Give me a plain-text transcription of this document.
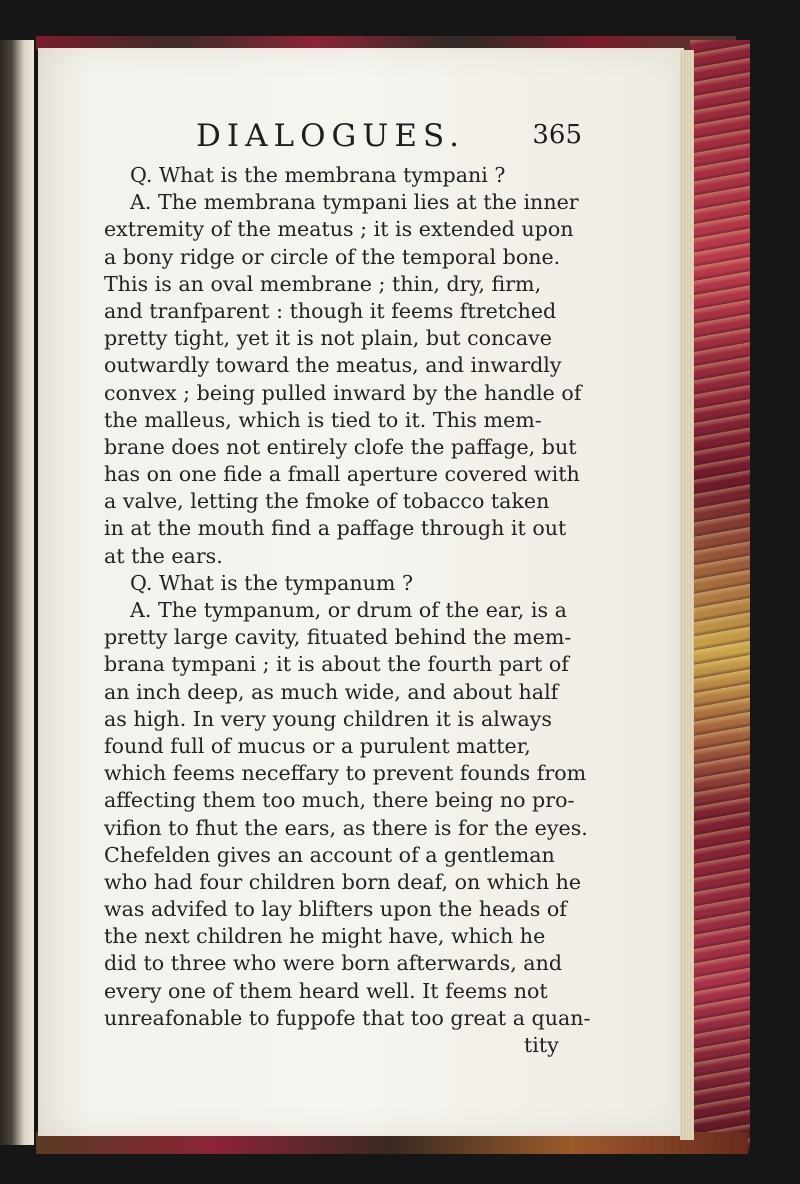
DIALOGUES.	365
Q. What is the membrana tympani ?
A. The membrana tympani lies at the inner
extremity of the meatus ; it is extended upon
a bony ridge or circle of the temporal bone.
This is an oval membrane ; thin, dry, firm,
and tranfparent : though it feems ftretched
pretty tight, yet it is not plain, but concave
outwardly toward the meatus, and inwardly
convex ; being pulled inward by the handle of
the malleus, which is tied to it. This mem-
brane does not entirely clofe the paffage, but
has on one fide a fmall aperture covered with
a valve, letting the fmoke of tobacco taken
in at the mouth find a paffage through it out
at the ears.
Q. What is the tympanum ?
A. The tympanum, or drum of the ear, is a
pretty large cavity, fituated behind the mem-
brana tympani ; it is about the fourth part of
an inch deep, as much wide, and about half
as high. In very young children it is always
found full of mucus or a purulent matter,
which feems neceffary to prevent founds from
affecting them too much, there being no pro-
vifion to fhut the ears, as there is for the eyes.
Chefelden gives an account of a gentleman
who had four children born deaf, on which he
was advifed to lay blifters upon the heads of
the next children he might have, which he
did to three who were born afterwards, and
every one of them heard well. It feems not
unreafonable to fuppofe that too great a quan-
tity
